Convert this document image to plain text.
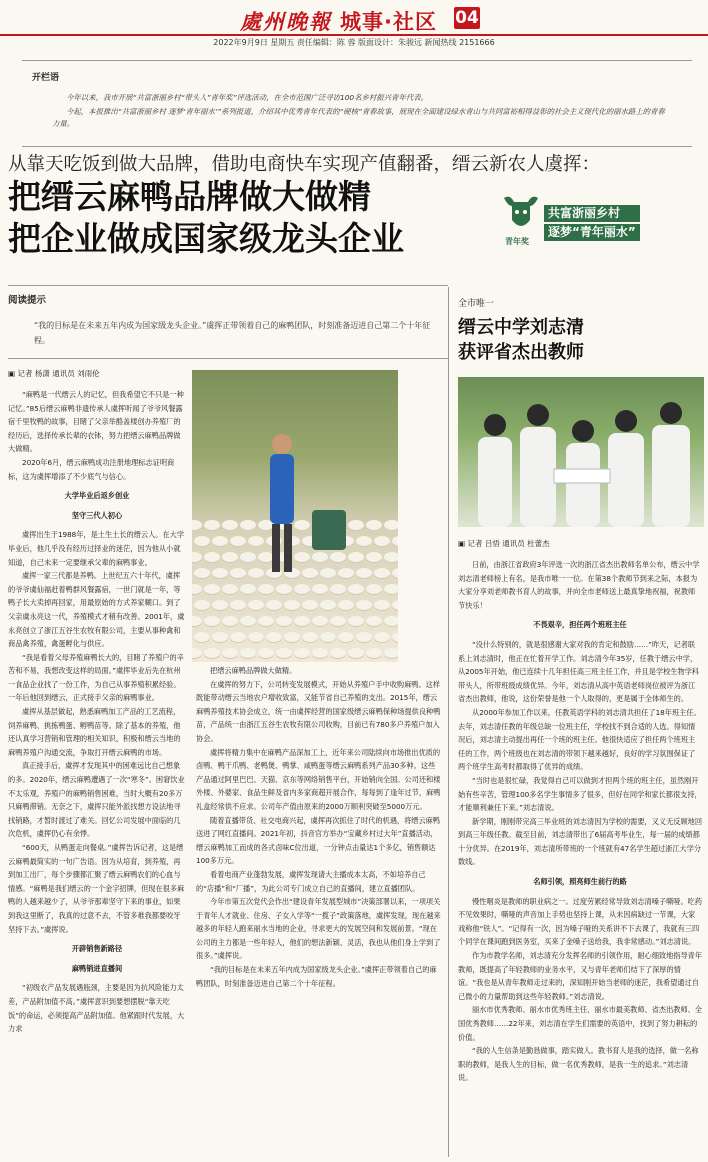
處州晚報 城事·社区 04
2022年9月9日 星期五 责任编辑：陈 蓉 版面设计：朱骏远 新闻热线 2151666
开栏语

今年以来，我市开展“共富浙丽乡村“带头人”青年奖”评选活动，在全市范围广泛寻访100名乡村振兴青年代表。

今起，本报推出“共富浙丽乡村 逐梦‘青年丽水’”系列报道，介绍其中优秀青年代表的“硬核”青春故事，展现在全面建设绿水青山与共同富裕相得益彰的社会主义现代化的丽水路上的青春力量。

从靠天吃饭到做大品牌，借助电商快车实现产值翻番，缙云新农人虞挥：
把缙云麻鸭品牌做大做精
把企业做成国家级龙头企业
共富浙丽乡村
逐梦“青年丽水”
青年奖
阅读提示
“我的目标是在未来五年内成为国家级龙头企业。”虞挥正带领着自己的麻鸭团队，时刻准备迈进自己第二个十年征程。
▣ 记者 杨潇 通讯员 刘雨伦

“麻鸭是一代缙云人的记忆，但我希望它不只是一种记忆。”85后缙云麻鸭非遗传承人虞挥听闻了爷爷风餐露宿千里牧鸭的故事，目睹了父亲举酪盖楼创办养殖厂的经历后，选择传承长辈的衣钵，努力把缙云麻鸭品牌做大做精。

2020年6月，缙云麻鸭成功注册地理标志证明商标，这为虞挥增添了不少底气与信心。

大学毕业后返乡创业

坚守三代人初心

虞挥出生于1988年，是土生土长的缙云人。在大学毕业后，他几乎没有经历过择业的迷茫，因为他从小就知道，自己未来一定要继承父辈的麻鸭事业。

虞挥一家三代都是养鸭。上世纪五六十年代，虞挥的爷爷虞仙福赶着鸭群风餐露宿，一世门就是一年，等鸭子长大卖掉再回家，用最原始的方式养家糊口。到了父亲虞永亮这一代，养殖模式才稍有改善。2001年，虞永亮创立了浙江五谷生农牧有限公司，主要从事种禽和商品禽养殖，禽蛋孵化与供应。

“我是看着父母养殖麻鸭长大的，目睹了养殖户的辛苦和不易，我想改变这样的局面。”虞挥毕业后先在杭州一食品企业找了一份工作，为自己从事养殖积累经验。一年后他回到缙云，正式接手父亲的麻鸭事业。

虞挥从基层做起，熟悉麻鸭加工产品的工艺流程，饲养麻鸭、挑拣鸭蛋、孵鸭苗等。除了基本的养殖，他还认真学习营销和管理的相关知识，积极和缙云当地的麻鸭养殖户沟通交流，争取打开缙云麻鸭的市场。

真正接手后，虞挥才发现其中的困难远比自己想象的多。2020年，缙云麻鸭遭遇了一次“寒冬”。困窘饮业不太乐观，养殖户的麻鸭销售困难，当时大概有20多万只麻鸭滞销。无奈之下，虞挥只能外派找想方设法地寻找销路，才暂时渡过了难关。回忆公司发展中面临的几次危机，虞挥仍心有余悸。

“600天，从鸭蛋走向餐桌。”虞挥告诉记者，这是缙云麻鸭最简实的一句广告语。因为从培育，到养殖，再到加工出厂，每个步骤都汇聚了缙云麻鸭农们的心血与情感。“麻鸭是我们缙云的一个金字招牌，但现在很多麻鸭的人越来越少了，从爷爷那辈坚守下来的事业，如果到我这里断了，我真的过意不去，不管多难我都要咬牙坚持下去。”虞挥说。

开辟销售新路径

麻鸭销进直播间

“初级农产品发展遇瓶颈，主要是因为抗风险能力太差，产品附加值不高。”虞挥意识到要想摆脱“靠天吃饭”的命运，必须提高产品附加值。他紧跟时代发展，大力求

把缙云麻鸭品牌做大做精。

在虞挥的努力下，公司转变发展模式，开始从养殖户手中收购麻鸭。这样既能带动缙云当地农户增收致富，又能节省自己养殖的支出。2015年，缙云麻鸭养殖技术协会成立，统一由虞挥经营的国家级缙云麻鸭保种场提供良种鸭苗，产品统一由浙江五谷生农牧有限公司收购，目前已有780多户养殖户加入协会。

虞挥将精力集中在麻鸭产品深加工上，近年来公司陆续向市场推出优质的卤鸭、鸭干爪鸭、老鸭煲、鸭掌、咸鸭蛋等缙云麻鸭系列产品30多种。这些产品通过阿里巴巴、天猫、京东等网络销售平台，开始销向全国。公司还和楼外楼、外婆家、食品生鲜及省内多家商超开展合作，每每到了逢年过节，麻鸭礼盒经常供不应求。公司年产值由原来的2000万顺利突破至5000万元。

随着直播带货、社交电商兴起，虞挥再次抓住了时代的机遇，将缙云麻鸭送进了网红直播间。2021年初，抖音官方举办“宝藏乡村过大年”直播活动，缙云麻鸭加工而成的各式卤味C位出道，一分钟点击量达1个多亿，销售额达100多万元。

看着电商产业蓬勃发展，虞挥发现请大主播成本太高，不如培养自己的“店播”和“厂播”，为此公司专门成立自己的直播间，建立直播团队。

今年市第五次党代会作出“建设青年发展型城市”决策部署以来，一项项关于青年人才就业、住房、子女入学等“一揽子”政策落地，虞挥发现，现在越来越多的年轻人跑来丽水当地的企业，寻求更大的发展空间和发展前景。“现在公司的主力都是一些年轻人，他们的想法新颖、灵活，我也从他们身上学到了很多。”虞挥说。

“我的目标是在未来五年内成为国家级龙头企业。”虞挥正带领着自己的麻鸭团队，时刻准备迈进自己第二个十年征程。

全市唯一
缙云中学刘志清
获评省杰出教师
▣ 记者 吕悟 通讯员 杜蕾杰

日前，由浙江省政府3年评选一次的浙江省杰出教师名单公布，缙云中学刘志清老师榜上有名，是我市唯一一位。在第38个教师节到来之际，本报为大家分享刘老师教书育人的故事，并向全市老师送上最真挚地祝福，祝教师节快乐！

不畏艰辛，担任两个班班主任

“没什么特别的，就是很感谢大家对我的肯定和鼓励……”昨天，记者联系上刘志清时，他正在忙着开学工作。刘志清今年35岁，任教于缙云中学，从2005年开始，他已连续十几年担任高三班主任工作，并且是学校生物学科带头人，所带班级成绩优异。今年，刘志清从高中英语老师岗位被评为浙江省杰出教师，他说，这份荣誉是他一个人取得的，更是属于全体师生的。

从2000年参加工作以来，任教英语学科的刘志清共担任了18年班主任。去年，刘志清任教的年级总缺一位班主任，学校找不到合适的人选。得知情况后，刘志清主动提出再任一个班的班主任。他很快适应了担任两个班班主任的工作，两个班级也在刘志清的带领下越来越好，良好的学习氛围保证了两个班学生高考时都取得了优异的成绩。

“当时也是很忙碌，我觉得自己可以做到才担两个班的班主任，虽然刚开始有些辛苦，管理100多名学生事情多了很多，但好在同学和家长都很支持，才能顺利兼任下来。”刘志清说。

新学期，刚刚带完高三毕业班的刘志清因为学校的需要，又义无反顾地回到高三年级任教。截至目前，刘志清带出了6届高考毕业生，每一届的成绩都十分优异。在2019年，刘志清所带班的一个班就有47名学生超过浙江大学分数线。

名师引领，照亮师生前行的路

慢性咽炎是教师的职业病之一。过度劳累经常导致刘志清嗓子嘶哑。吃药不见效果时，嘶哑的声音加上手势也坚持上课，从未因病缺过一节课，大家戏称他“铁人”。“记得有一次，因为嗓子哑的关系讲不下去课了，我就有三四个同学在课间跑到医务室，买来了金嗓子送给我，我非常感动。”刘志清说。

作为市教学名师，刘志清充分发挥名师的引领作用，耐心细致地指导青年教师，既提高了年轻教师的业务水平，又与青年老师们结下了深厚的情谊。“我也是从青年教师走过来的，深知刚开始当老师的迷茫，我希望通过自己微小的力量帮助到这些年轻教师。”刘志清说。

丽水市优秀教师、丽水市优秀班主任、丽水市最美教师、省杰出教师、全国优秀教师……22年来，刘志清在学生们需要的英语中，找到了努力耕耘的价值。

“我的人生信条是勤恳做事，踏实做人。教书育人是我的选择，做一名称职的教师，是我人生的目标，做一名优秀教师，是我一生的追求。”刘志清说。
